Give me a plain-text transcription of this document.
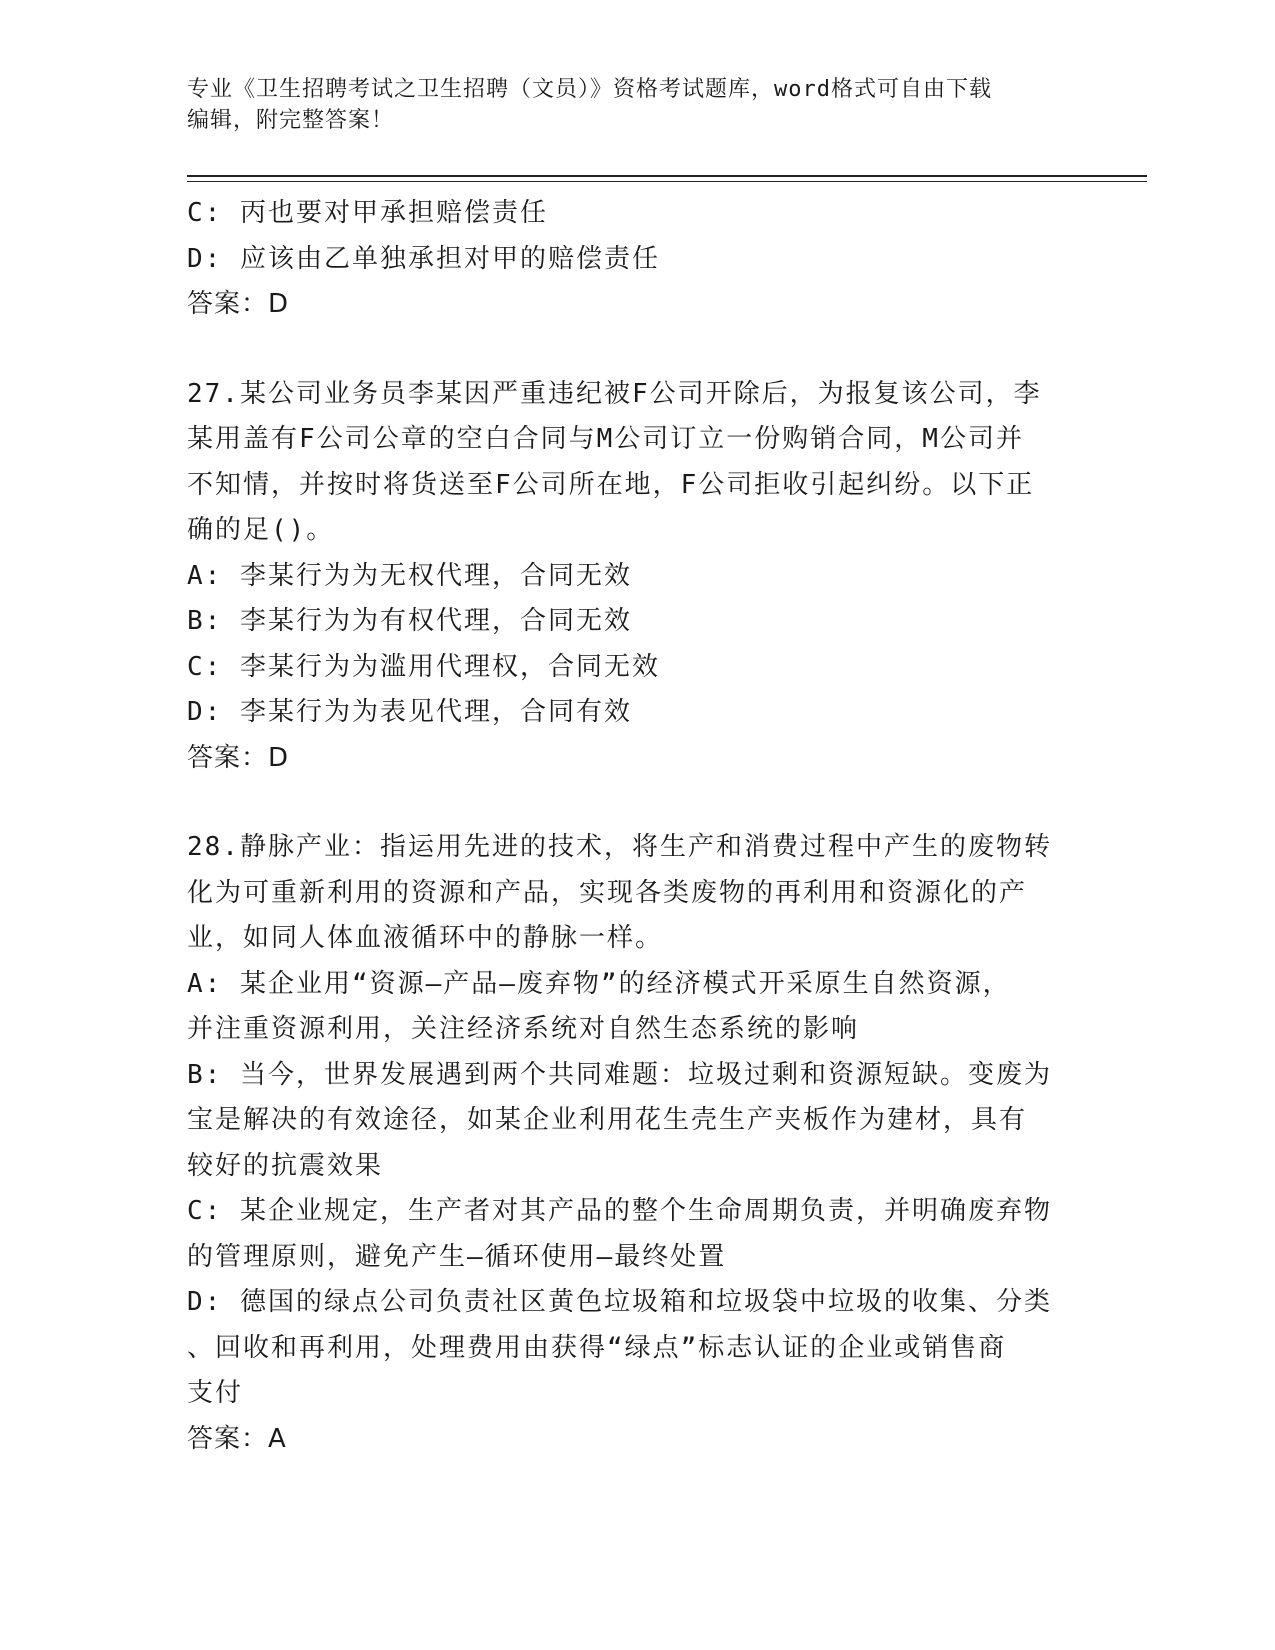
专业《卫生招聘考试之卫生招聘（文员）》资格考试题库，word格式可自由下载
编辑，附完整答案！
C: 丙也要对甲承担赔偿责任
D: 应该由乙单独承担对甲的赔偿责任
答案：D
27.某公司业务员李某因严重违纪被F公司开除后，为报复该公司，李
某用盖有F公司公章的空白合同与M公司订立一份购销合同，M公司并
不知情，并按时将货送至F公司所在地，F公司拒收引起纠纷。以下正
确的足()。
A: 李某行为为无权代理，合同无效
B: 李某行为为有权代理，合同无效
C: 李某行为为滥用代理权，合同无效
D: 李某行为为表见代理，合同有效
答案：D
28.静脉产业：指运用先进的技术，将生产和消费过程中产生的废物转
化为可重新利用的资源和产品，实现各类废物的再利用和资源化的产
业，如同人体血液循环中的静脉一样。
A: 某企业用“资源—产品—废弃物”的经济模式开采原生自然资源，
并注重资源利用，关注经济系统对自然生态系统的影响
B: 当今，世界发展遇到两个共同难题：垃圾过剩和资源短缺。变废为
宝是解决的有效途径，如某企业利用花生壳生产夹板作为建材，具有
较好的抗震效果
C: 某企业规定，生产者对其产品的整个生命周期负责，并明确废弃物
的管理原则，避免产生—循环使用—最终处置
D: 德国的绿点公司负责社区黄色垃圾箱和垃圾袋中垃圾的收集、分类
、回收和再利用，处理费用由获得“绿点”标志认证的企业或销售商
支付
答案：A
